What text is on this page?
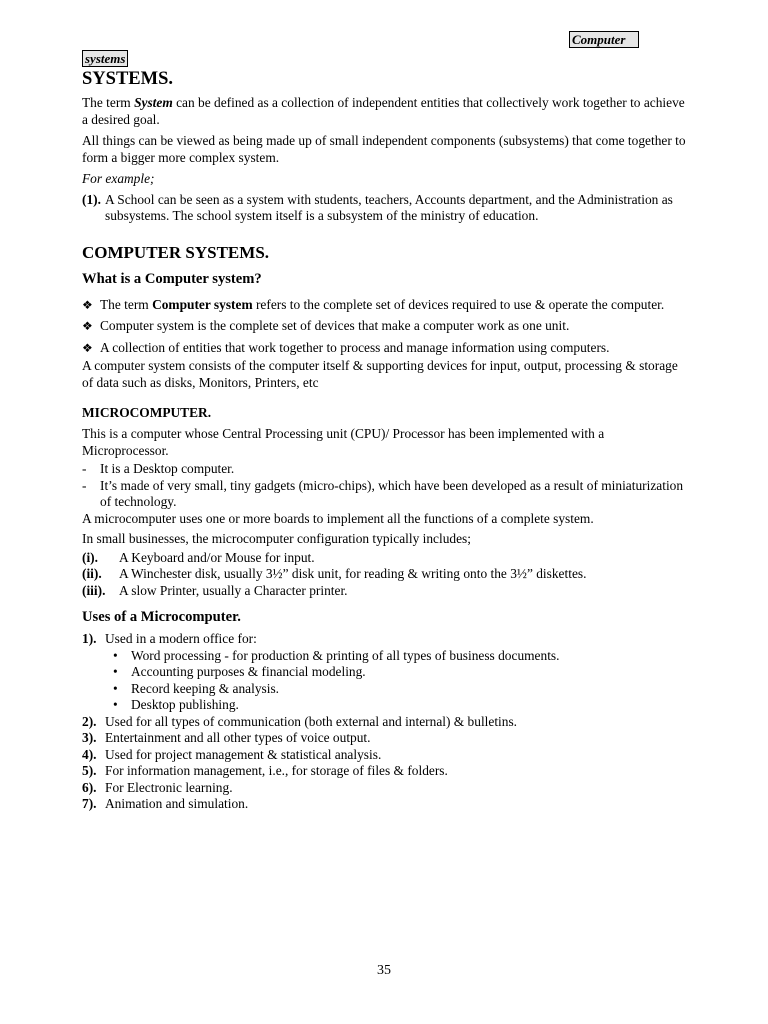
Computer
systems
SYSTEMS.

The term System can be defined as a collection of independent entities that collectively work together to achieve a desired goal.

All things can be viewed as being made up of small independent components (subsystems) that come together to form a bigger more complex system.

For example;

(1). A School can be seen as a system with students, teachers, Accounts department, and the Administration as subsystems. The school system itself is a subsystem of the ministry of education.
COMPUTER SYSTEMS.
What is a Computer system?
❖ The term Computer system refers to the complete set of devices required to use & operate the computer.
❖ Computer system is the complete set of devices that make a computer work as one unit.
❖ A collection of entities that work together to process and manage information using computers.

A computer system consists of the computer itself & supporting devices for input, output, processing & storage of data such as disks, Monitors, Printers, etc

MICROCOMPUTER.

This is a computer whose Central Processing unit (CPU)/ Processor has been implemented with a Microprocessor.

- It is a Desktop computer.
- It’s made of very small, tiny gadgets (micro-chips), which have been developed as a result of miniaturization of technology.

A microcomputer uses one or more boards to implement all the functions of a complete system.

In small businesses, the microcomputer configuration typically includes;

(i). A Keyboard and/or Mouse for input.
(ii). A Winchester disk, usually 3½” disk unit, for reading & writing onto the 3½” diskettes.
(iii). A slow Printer, usually a Character printer.
Uses of a Microcomputer.
1). Used in a modern office for:
• Word processing - for production & printing of all types of business documents.
• Accounting purposes & financial modeling.
• Record keeping & analysis.
• Desktop publishing.
2). Used for all types of communication (both external and internal) & bulletins.
3). Entertainment and all other types of voice output.
4). Used for project management & statistical analysis.
5). For information management, i.e., for storage of files & folders.
6). For Electronic learning.
7). Animation and simulation.
35
